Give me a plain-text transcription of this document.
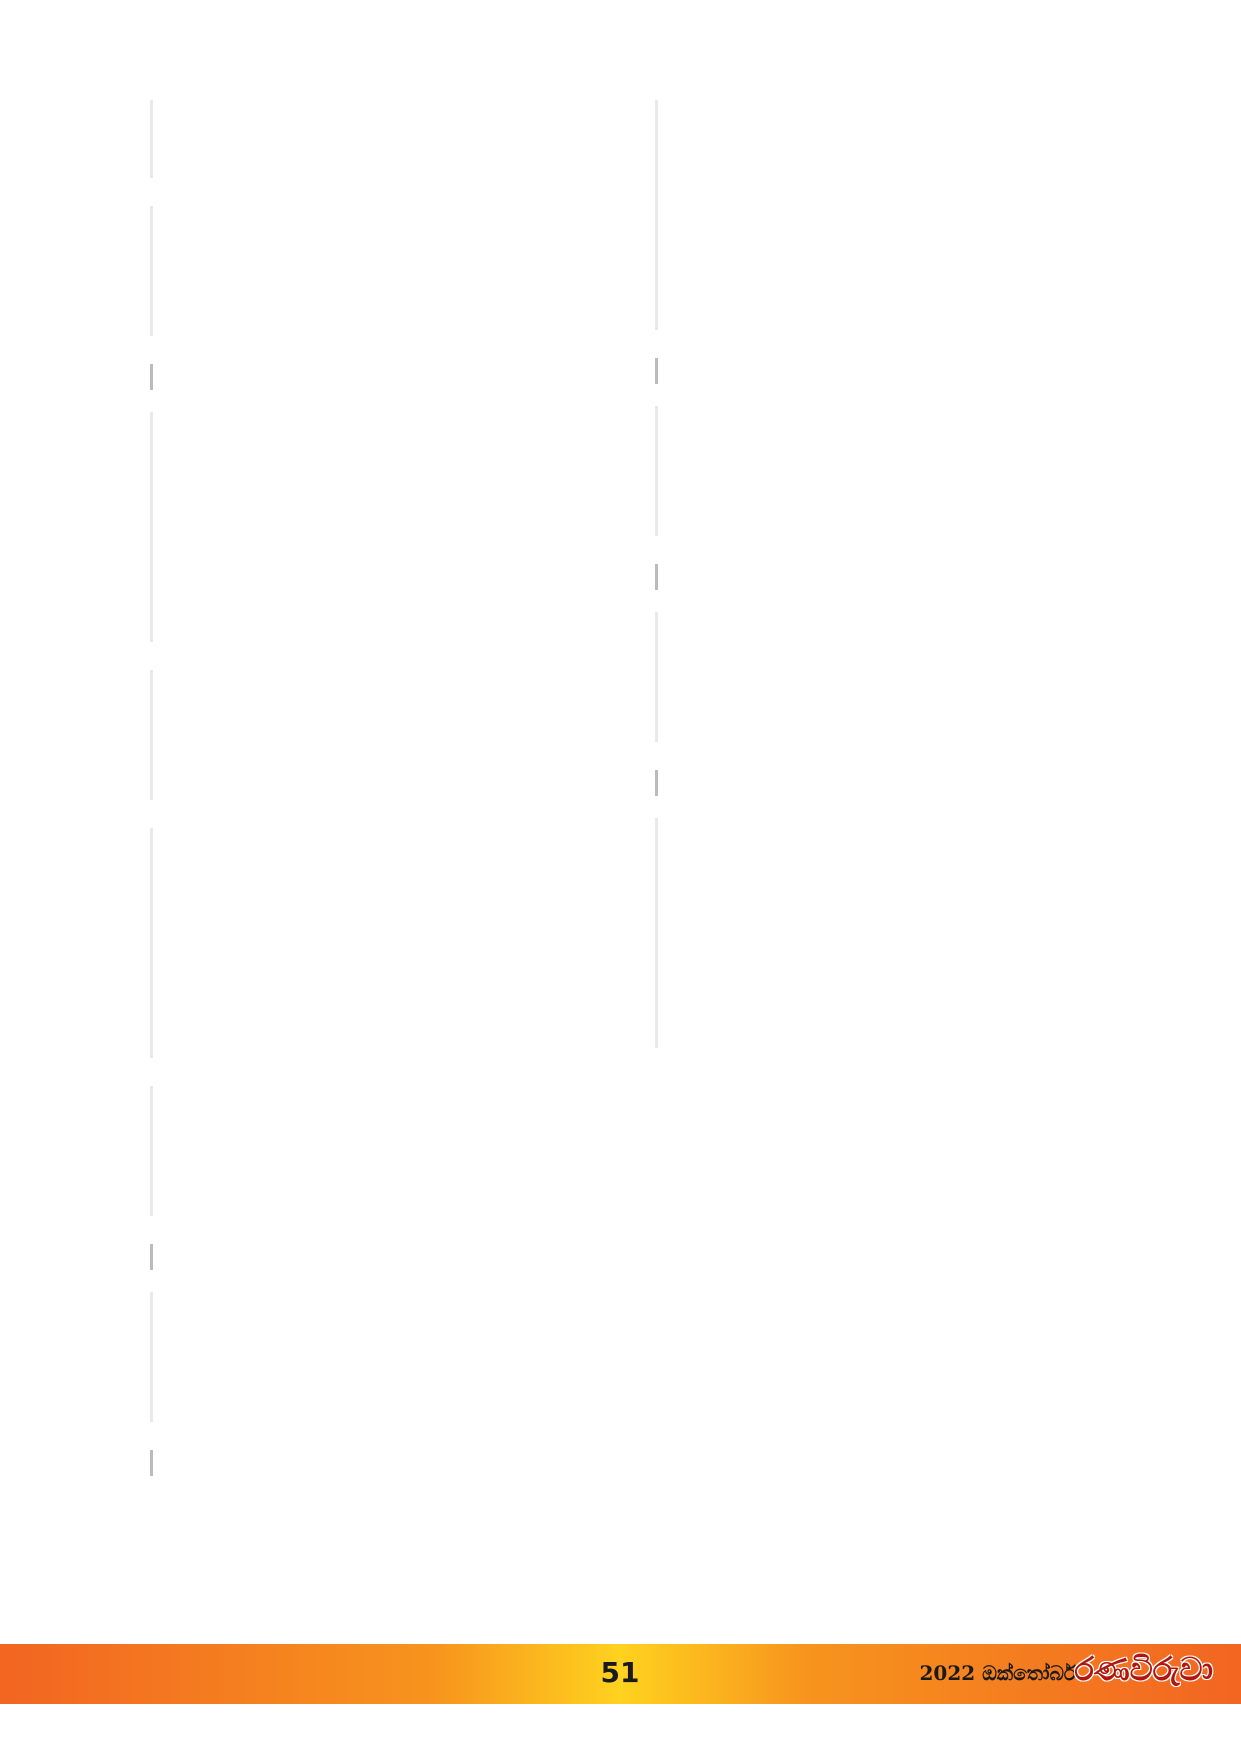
51	2022 ඔක්තෝබර්
රණවිරුවා
